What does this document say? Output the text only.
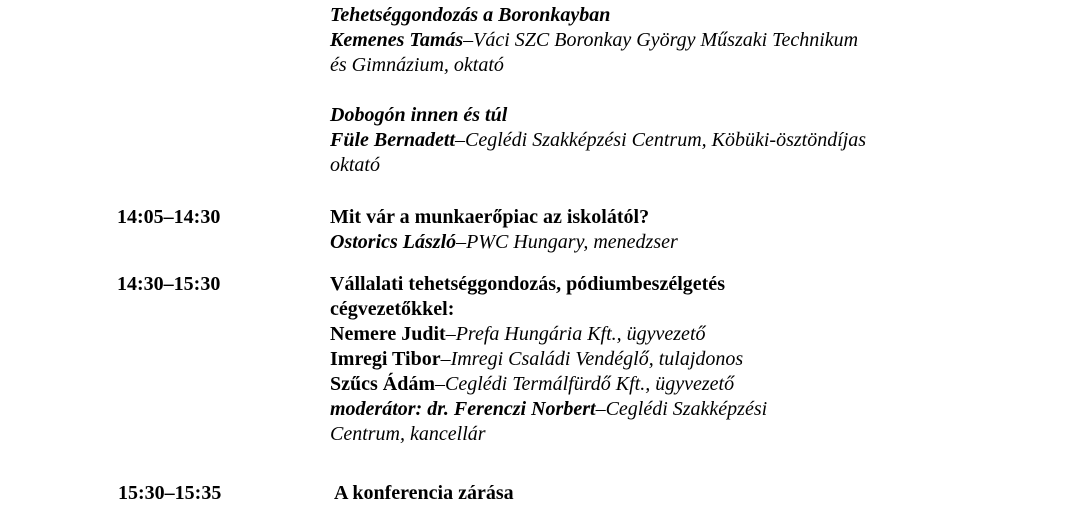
Tehetséggondozás a Boronkayban
Kemenes Tamás–Váci SZC Boronkay György Műszaki Technikum
és Gimnázium, oktató
Dobogón innen és túl
Füle Bernadett–Ceglédi Szakképzési Centrum, Köbüki-ösztöndíjas
oktató
14:05–14:30	Mit vár a munkaerőpiac az iskolától?
Ostorics László–PWC Hungary, menedzser
14:30–15:30	Vállalati tehetséggondozás, pódiumbeszélgetés
cégvezetőkkel:
Nemere Judit–Prefa Hungária Kft., ügyvezető
Imregi Tibor–Imregi Családi Vendéglő, tulajdonos
Szűcs Ádám–Ceglédi Termálfürdő Kft., ügyvezető
moderátor: dr. Ferenczi Norbert–Ceglédi Szakképzési
Centrum, kancellár
15:30–15:35	A konferencia zárása
